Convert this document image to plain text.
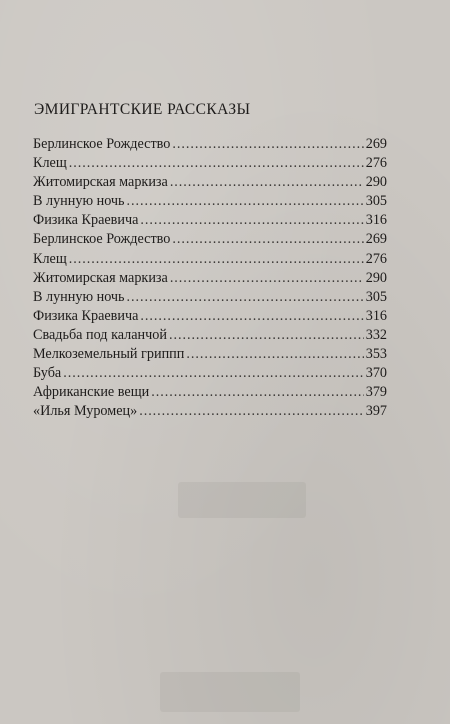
ЭМИГРАНТСКИЕ РАССКАЗЫ
Берлинское Рождество . . .	269
Клещ . . .	276
Житомирская маркиза . . .	290
В лунную ночь . . .	305
Физика Краевича . . .	316
Берлинское Рождество . . .	269
Клещ . . .	276
Житомирская маркиза . . .	290
В лунную ночь . . .	305
Физика Краевича . . .	316
Свадьба под каланчой . . .	332
Мелкоземельный гриппп . . .	353
Буба . . .	370
Африканские вещи . . .	379
«Илья Муромец» . . .	397
